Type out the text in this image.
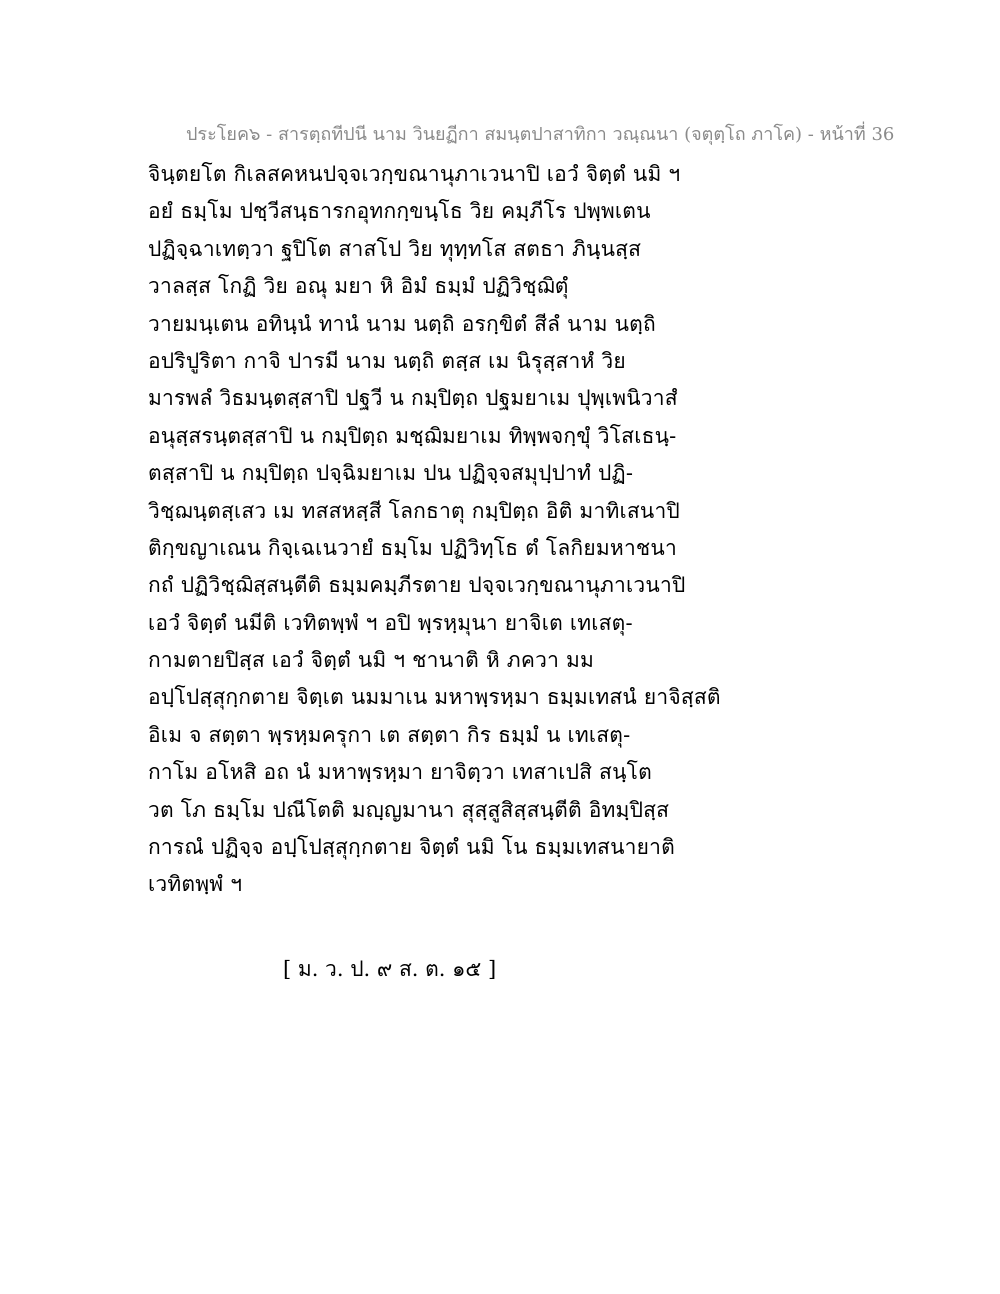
ประโยค๖ - สารตฺถทีปนี นาม วินยฏีกา สมนฺตปาสาทิกา วณฺณนา (จตุตฺโถ ภาโค) - หน้าที่ 36

จินฺตยโต กิเลสคหนปจฺจเวกฺขณานุภาเวนาปิ เอวํ จิตฺตํ นมิ ฯ
อยํ ธมฺโม ปชฺวีสนฺธารกอุทกกฺขนฺโธ วิย คมฺภีโร ปพฺพเตน
ปฏิจฺฉาเทตฺวา ฐปิโต สาสโป วิย ทุทฺทโส สตธา ภินฺนสฺส
วาลสฺส โกฏิ วิย อณุ มยา หิ อิมํ ธมฺมํ ปฏิวิชฺฌิตุํ
วายมนฺเตน อทินฺนํ ทานํ นาม นตฺถิ อรกฺขิตํ สีลํ นาม นตฺถิ
อปริปูริตา กาจิ ปารมี นาม นตฺถิ ตสฺส เม นิรุสฺสาหํ วิย
มารพลํ วิธมนฺตสฺสาปิ ปฐวี น กมฺปิตฺถ ปฐมยาเม ปุพฺเพนิวาสํ
อนุสฺสรนฺตสฺสาปิ น กมฺปิตฺถ มชฺฌิมยาเม ทิพฺพจกฺขุํ วิโสเธนฺ-
ตสฺสาปิ น กมฺปิตฺถ ปจฺฉิมยาเม ปน ปฏิจฺจสมุปฺปาทํ ปฏิ-
วิชฺฌนฺตสฺเสว เม ทสสหสฺสี โลกธาตุ กมฺปิตฺถ อิติ มาทิเสนาปิ
ติกฺขญาเณน กิจฺเฉเนวายํ ธมฺโม ปฏิวิทฺโธ ตํ โลกิยมหาชนา
กถํ ปฏิวิชฺฌิสฺสนฺตีติ ธมฺมคมฺภีรตาย ปจฺจเวกฺขณานุภาเวนาปิ
เอวํ จิตฺตํ นมีติ เวทิตพฺพํ ฯ อปิ พฺรหฺมุนา ยาจิเต เทเสตุ-
กามตายปิสฺส เอวํ จิตฺตํ นมิ ฯ ชานาติ หิ ภควา มม
อปฺโปสฺสุกฺกตาย จิตฺเต นมมาเน มหาพฺรหฺมา ธมฺมเทสนํ ยาจิสฺสติ
อิเม จ สตฺตา พฺรหฺมครุกา เต สตฺตา กิร ธมฺมํ น เทเสตุ-
กาโม อโหสิ อถ นํ มหาพฺรหฺมา ยาจิตฺวา เทสาเปสิ สนฺโต
วต โภ ธมฺโม ปณีโตติ มญฺญมานา สุสฺสูสิสฺสนฺตีติ อิทมฺปิสฺส
การณํ ปฏิจฺจ อปฺโปสฺสุกฺกตาย จิตฺตํ นมิ โน ธมฺมเทสนายาติ
เวทิตพฺพํ ฯ

[ ม. ว. ป. ๙ ส. ต. ๑๕ ]
